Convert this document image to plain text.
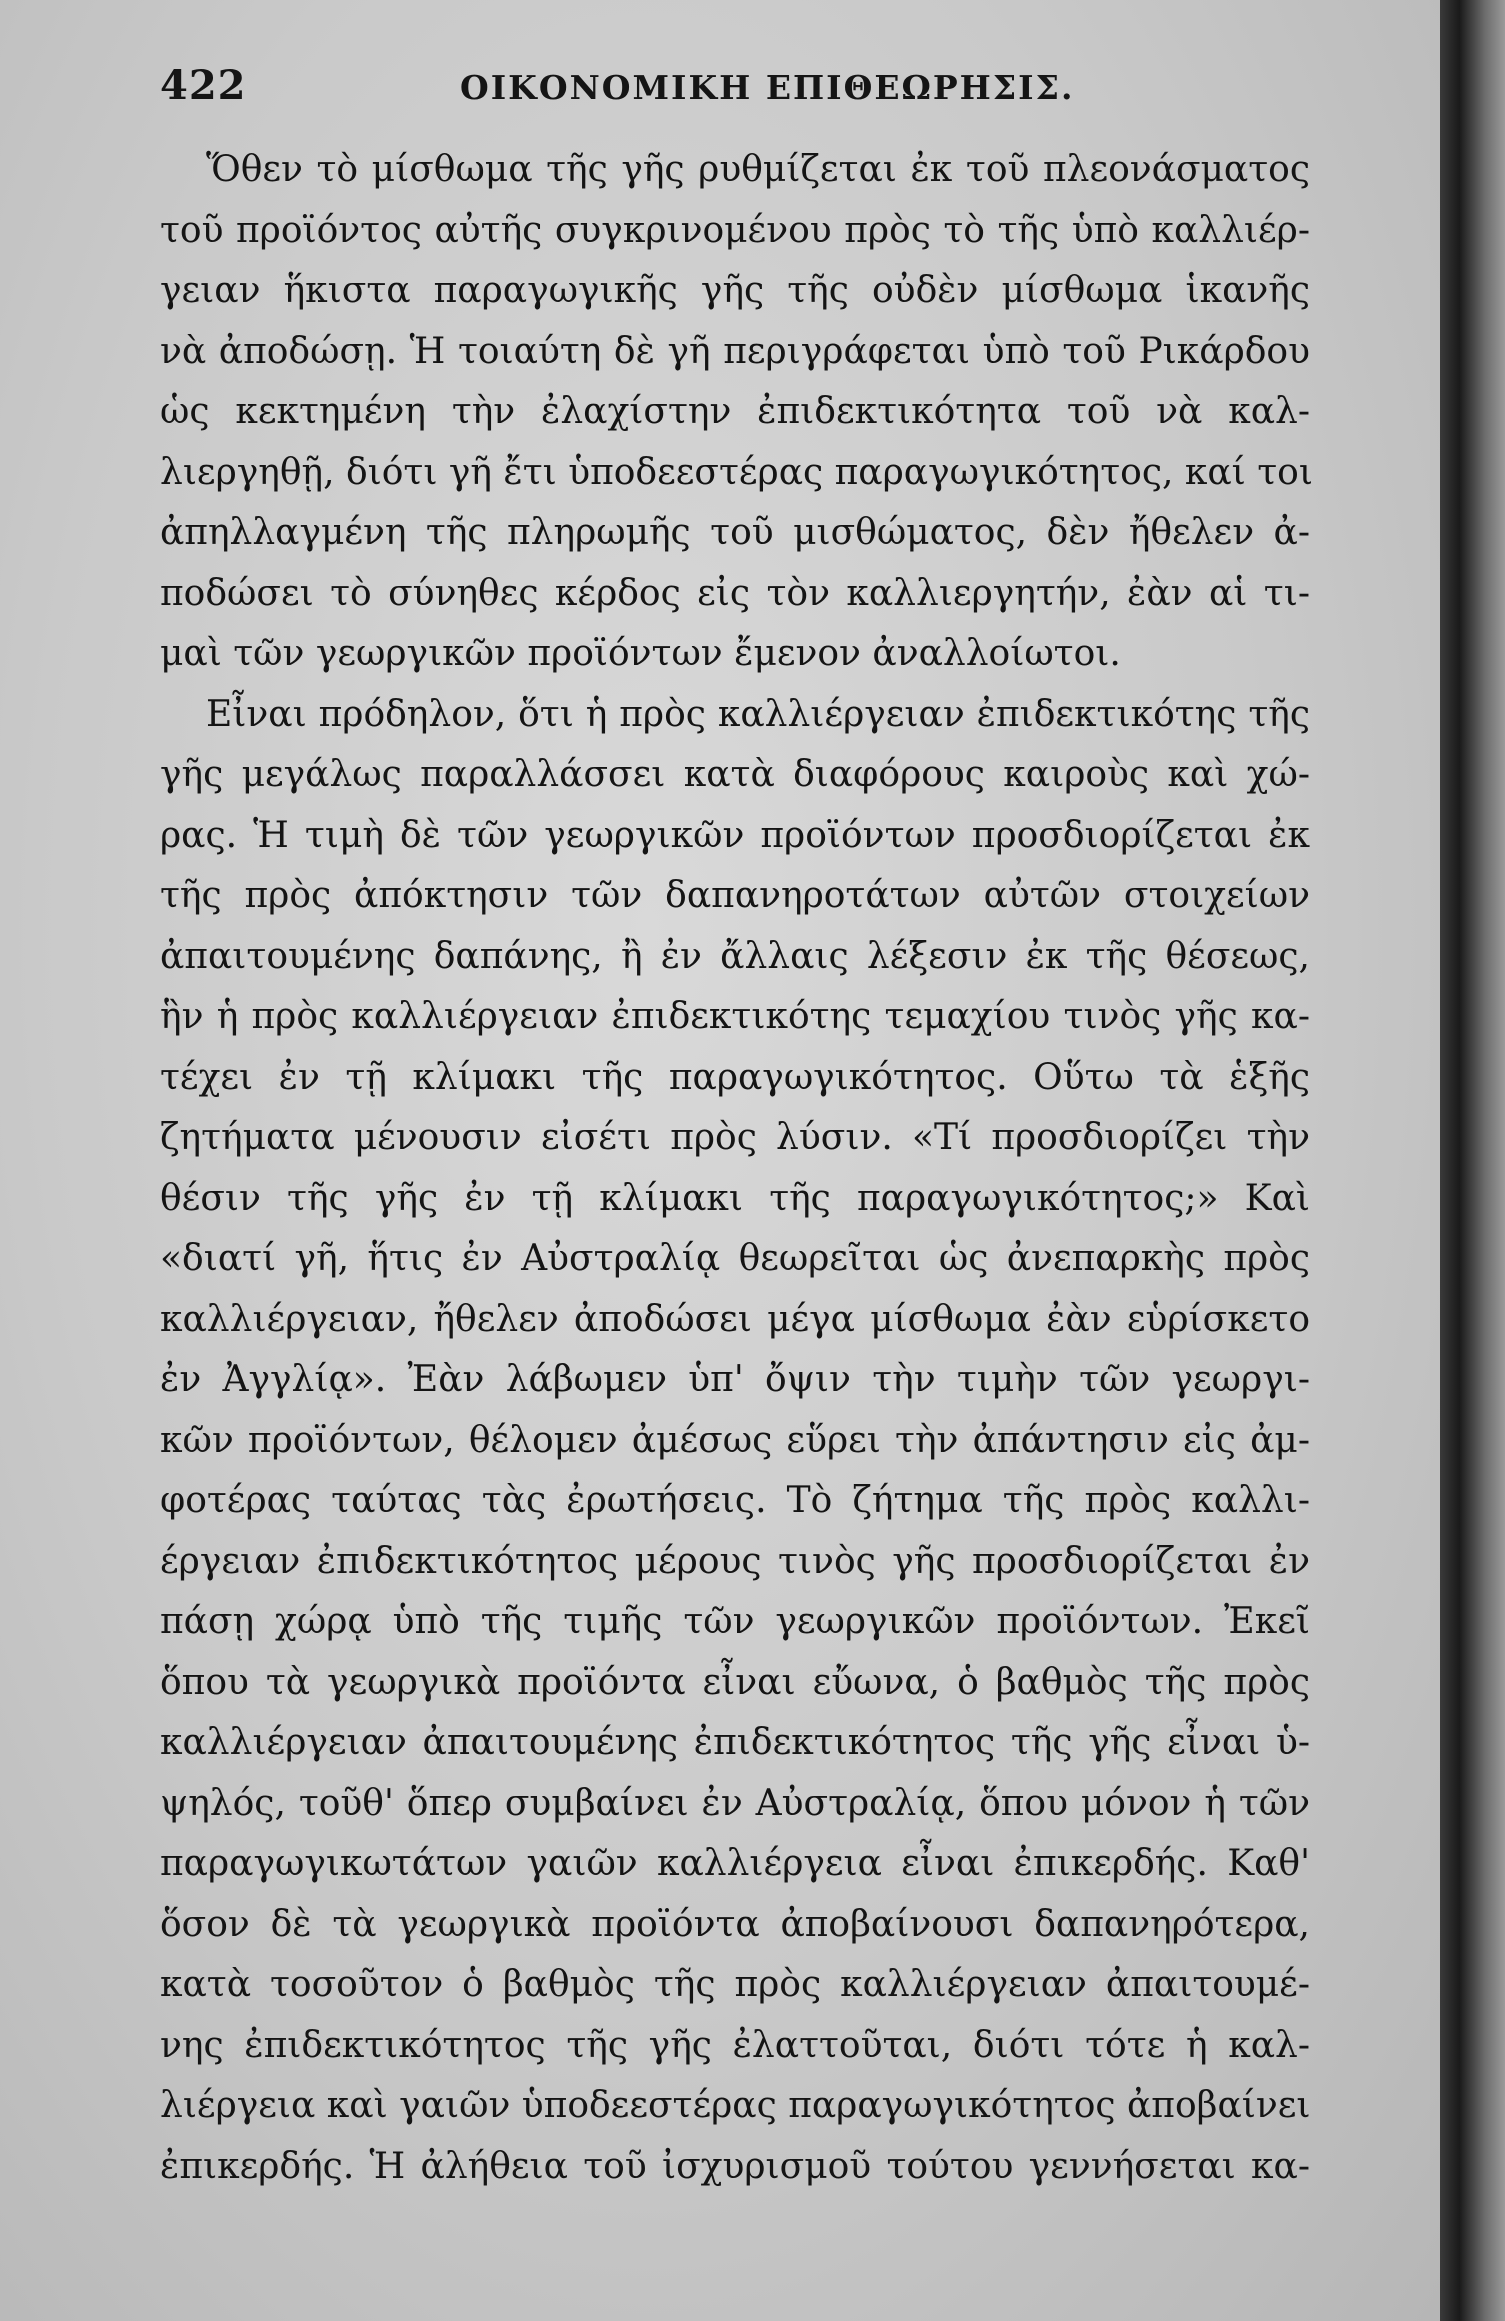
422	ΟΙΚΟΝΟΜΙΚΗ ΕΠΙΘΕΩΡΗΣΙΣ.
Ὅθεν τὸ μίσθωμα τῆς γῆς ρυθμίζεται ἐκ τοῦ πλεονάσματος
τοῦ προϊόντος αὐτῆς συγκρινομένου πρὸς τὸ τῆς ὑπὸ καλλιέρ-
γειαν ἥκιστα παραγωγικῆς γῆς τῆς οὐδὲν μίσθωμα ἱκανῆς
νὰ ἀποδώσῃ. Ἡ τοιαύτη δὲ γῆ περιγράφεται ὑπὸ τοῦ Ρικάρδου
ὡς κεκτημένη τὴν ἐλαχίστην ἐπιδεκτικότητα τοῦ νὰ καλ-
λιεργηθῇ, διότι γῆ ἔτι ὑποδεεστέρας παραγωγικότητος, καί τοι
ἀπηλλαγμένη τῆς πληρωμῆς τοῦ μισθώματος, δὲν ἤθελεν ἀ-
ποδώσει τὸ σύνηθες κέρδος εἰς τὸν καλλιεργητήν, ἐὰν αἱ τι-
μαὶ τῶν γεωργικῶν προϊόντων ἔμενον ἀναλλοίωτοι.
Εἶναι πρόδηλον, ὅτι ἡ πρὸς καλλιέργειαν ἐπιδεκτικότης τῆς
γῆς μεγάλως παραλλάσσει κατὰ διαφόρους καιροὺς καὶ χώ-
ρας. Ἡ τιμὴ δὲ τῶν γεωργικῶν προϊόντων προσδιορίζεται ἐκ
τῆς πρὸς ἀπόκτησιν τῶν δαπανηροτάτων αὐτῶν στοιχείων
ἀπαιτουμένης δαπάνης, ἢ ἐν ἄλλαις λέξεσιν ἐκ τῆς θέσεως,
ἣν ἡ πρὸς καλλιέργειαν ἐπιδεκτικότης τεμαχίου τινὸς γῆς κα-
τέχει ἐν τῇ κλίμακι τῆς παραγωγικότητος. Οὕτω τὰ ἑξῆς
ζητήματα μένουσιν εἰσέτι πρὸς λύσιν. «Τί προσδιορίζει τὴν
θέσιν τῆς γῆς ἐν τῇ κλίμακι τῆς παραγωγικότητος;» Καὶ
«διατί γῆ, ἥτις ἐν Αὐστραλίᾳ θεωρεῖται ὡς ἀνεπαρκὴς πρὸς
καλλιέργειαν, ἤθελεν ἀποδώσει μέγα μίσθωμα ἐὰν εὑρίσκετο
ἐν Ἀγγλίᾳ». Ἐὰν λάβωμεν ὑπ' ὄψιν τὴν τιμὴν τῶν γεωργι-
κῶν προϊόντων, θέλομεν ἀμέσως εὕρει τὴν ἀπάντησιν εἰς ἀμ-
φοτέρας ταύτας τὰς ἐρωτήσεις. Τὸ ζήτημα τῆς πρὸς καλλι-
έργειαν ἐπιδεκτικότητος μέρους τινὸς γῆς προσδιορίζεται ἐν
πάσῃ χώρᾳ ὑπὸ τῆς τιμῆς τῶν γεωργικῶν προϊόντων. Ἐκεῖ
ὅπου τὰ γεωργικὰ προϊόντα εἶναι εὔωνα, ὁ βαθμὸς τῆς πρὸς
καλλιέργειαν ἀπαιτουμένης ἐπιδεκτικότητος τῆς γῆς εἶναι ὑ-
ψηλός, τοῦθ' ὅπερ συμβαίνει ἐν Αὐστραλίᾳ, ὅπου μόνον ἡ τῶν
παραγωγικωτάτων γαιῶν καλλιέργεια εἶναι ἐπικερδής. Καθ'
ὅσον δὲ τὰ γεωργικὰ προϊόντα ἀποβαίνουσι δαπανηρότερα,
κατὰ τοσοῦτον ὁ βαθμὸς τῆς πρὸς καλλιέργειαν ἀπαιτουμέ-
νης ἐπιδεκτικότητος τῆς γῆς ἐλαττοῦται, διότι τότε ἡ καλ-
λιέργεια καὶ γαιῶν ὑποδεεστέρας παραγωγικότητος ἀποβαίνει
ἐπικερδής. Ἡ ἀλήθεια τοῦ ἰσχυρισμοῦ τούτου γεννήσεται κα-
